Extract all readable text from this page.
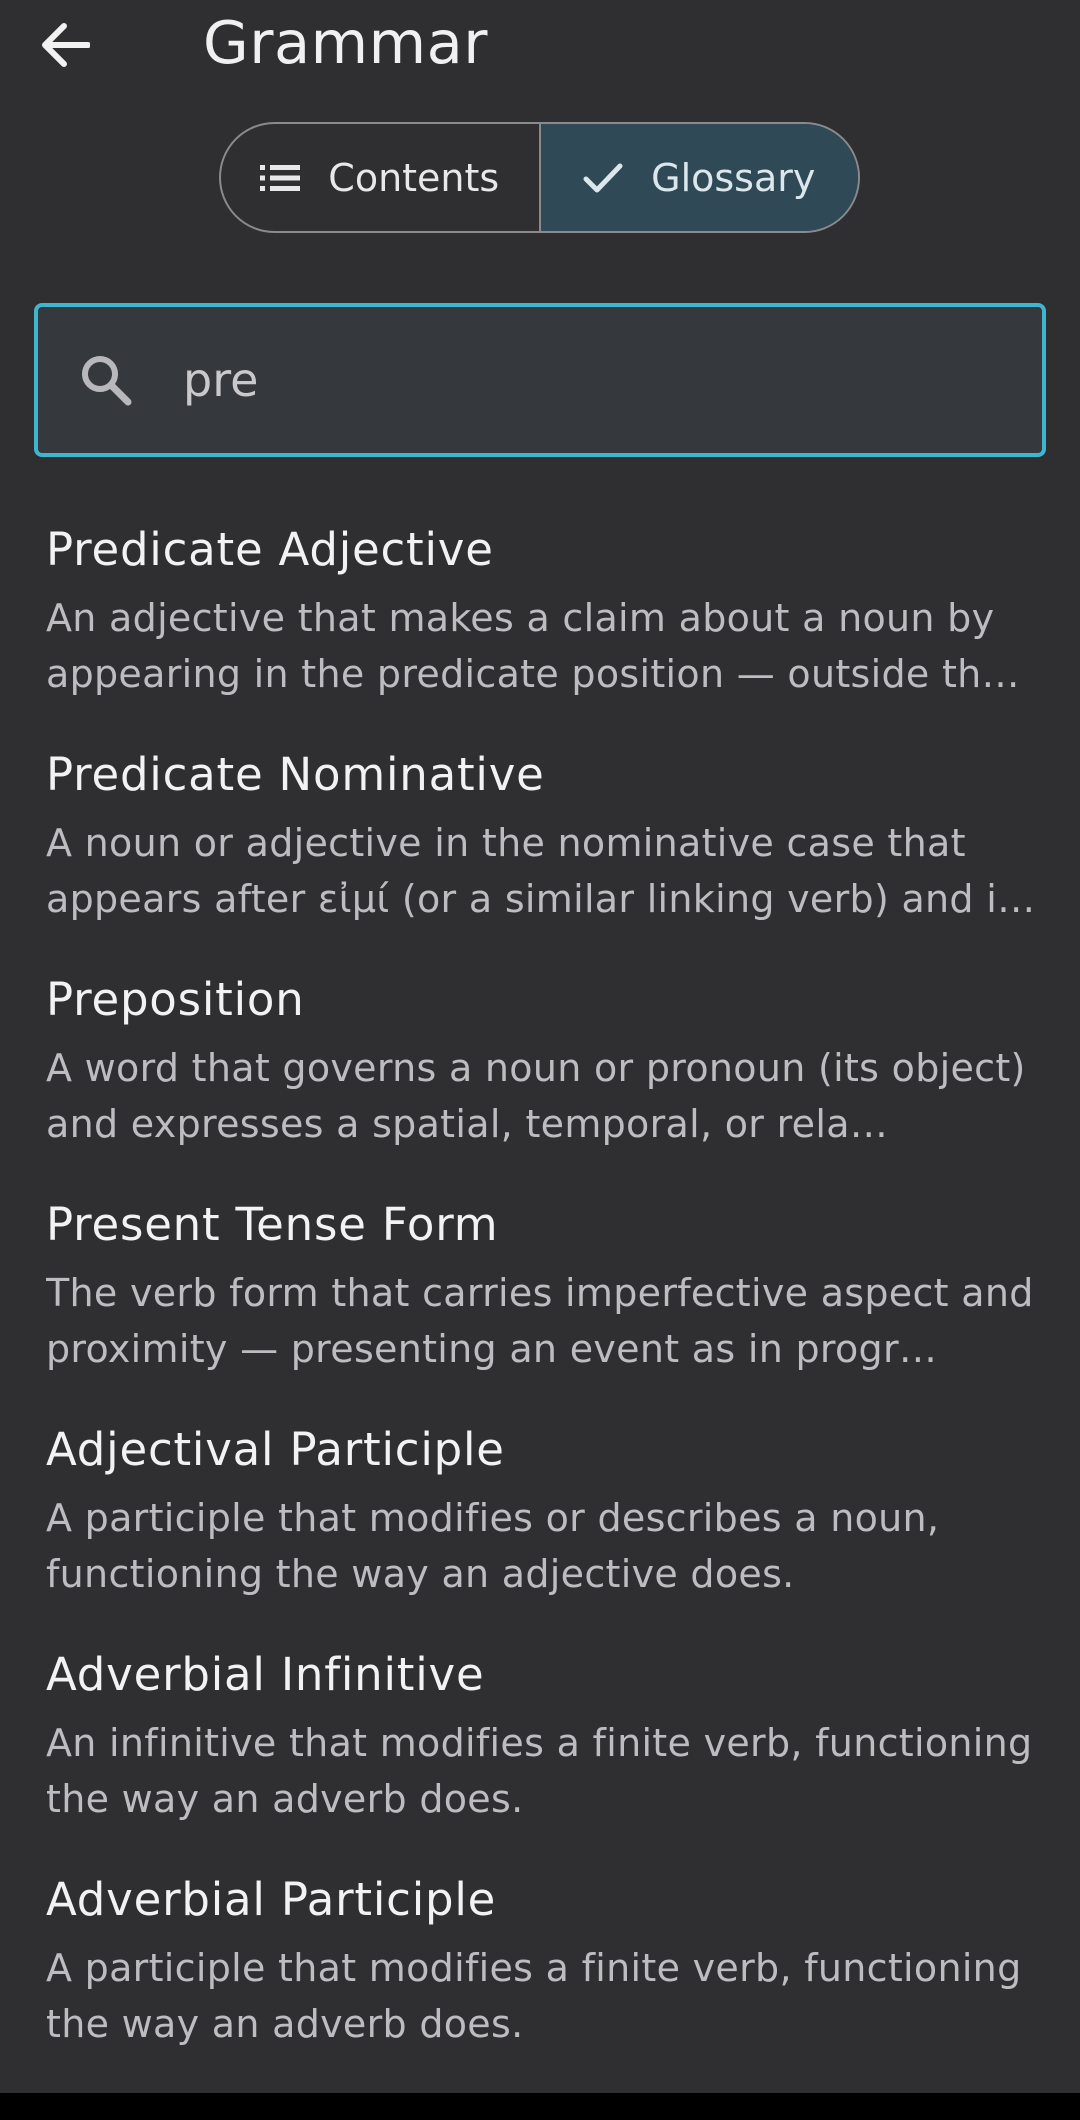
Grammar
Contents	Glossary
pre
Predicate Adjective
An adjective that makes a claim about a noun by appearing in the predicate position — outside th…
Predicate Nominative
A noun or adjective in the nominative case that appears after εἰμί (or a similar linking verb) and i…
Preposition
A word that governs a noun or pronoun (its object) and expresses a spatial, temporal, or rela…
Present Tense Form
The verb form that carries imperfective aspect and proximity — presenting an event as in progr…
Adjectival Participle
A participle that modifies or describes a noun, functioning the way an adjective does.
Adverbial Infinitive
An infinitive that modifies a finite verb, functioning the way an adverb does.
Adverbial Participle
A participle that modifies a finite verb, functioning the way an adverb does.
